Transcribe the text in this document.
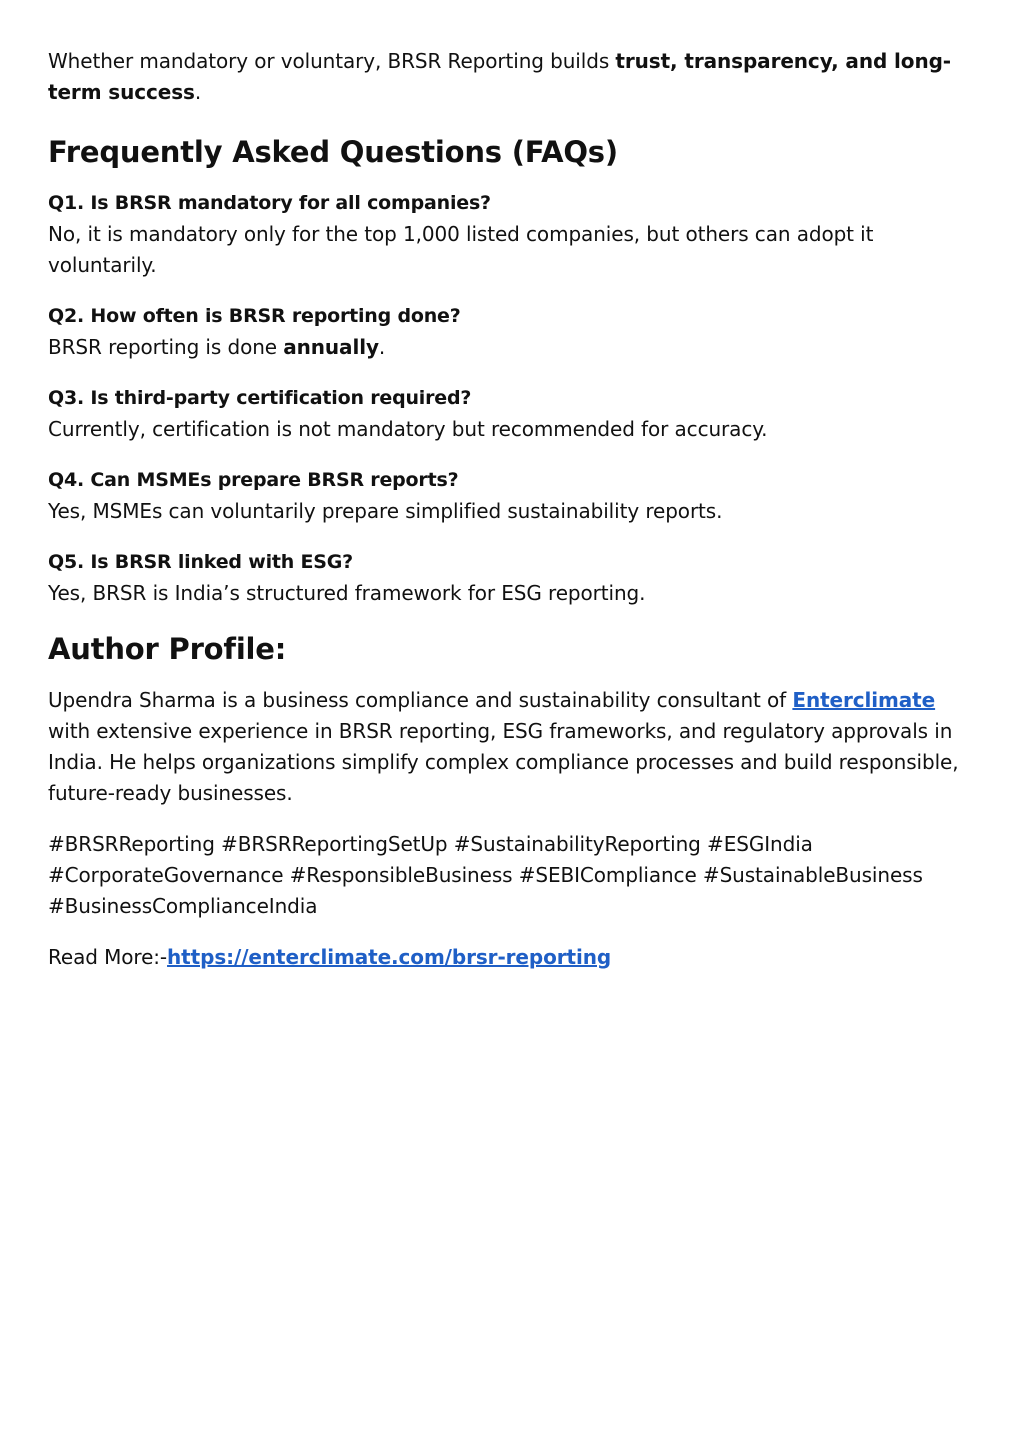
Whether mandatory or voluntary, BRSR Reporting builds trust, transparency, and long-term success.

Frequently Asked Questions (FAQs)

Q1. Is BRSR mandatory for all companies?

No, it is mandatory only for the top 1,000 listed companies, but others can adopt it voluntarily.

Q2. How often is BRSR reporting done?

BRSR reporting is done annually.

Q3. Is third-party certification required?

Currently, certification is not mandatory but recommended for accuracy.

Q4. Can MSMEs prepare BRSR reports?

Yes, MSMEs can voluntarily prepare simplified sustainability reports.

Q5. Is BRSR linked with ESG?

Yes, BRSR is India’s structured framework for ESG reporting.

Author Profile:

Upendra Sharma is a business compliance and sustainability consultant of Enterclimate with extensive experience in BRSR reporting, ESG frameworks, and regulatory approvals in India. He helps organizations simplify complex compliance processes and build responsible, future-ready businesses.

#BRSRReporting #BRSRReportingSetUp #SustainabilityReporting #ESGIndia #CorporateGovernance #ResponsibleBusiness #SEBICompliance #SustainableBusiness #BusinessComplianceIndia

Read More:-https://enterclimate.com/brsr-reporting
